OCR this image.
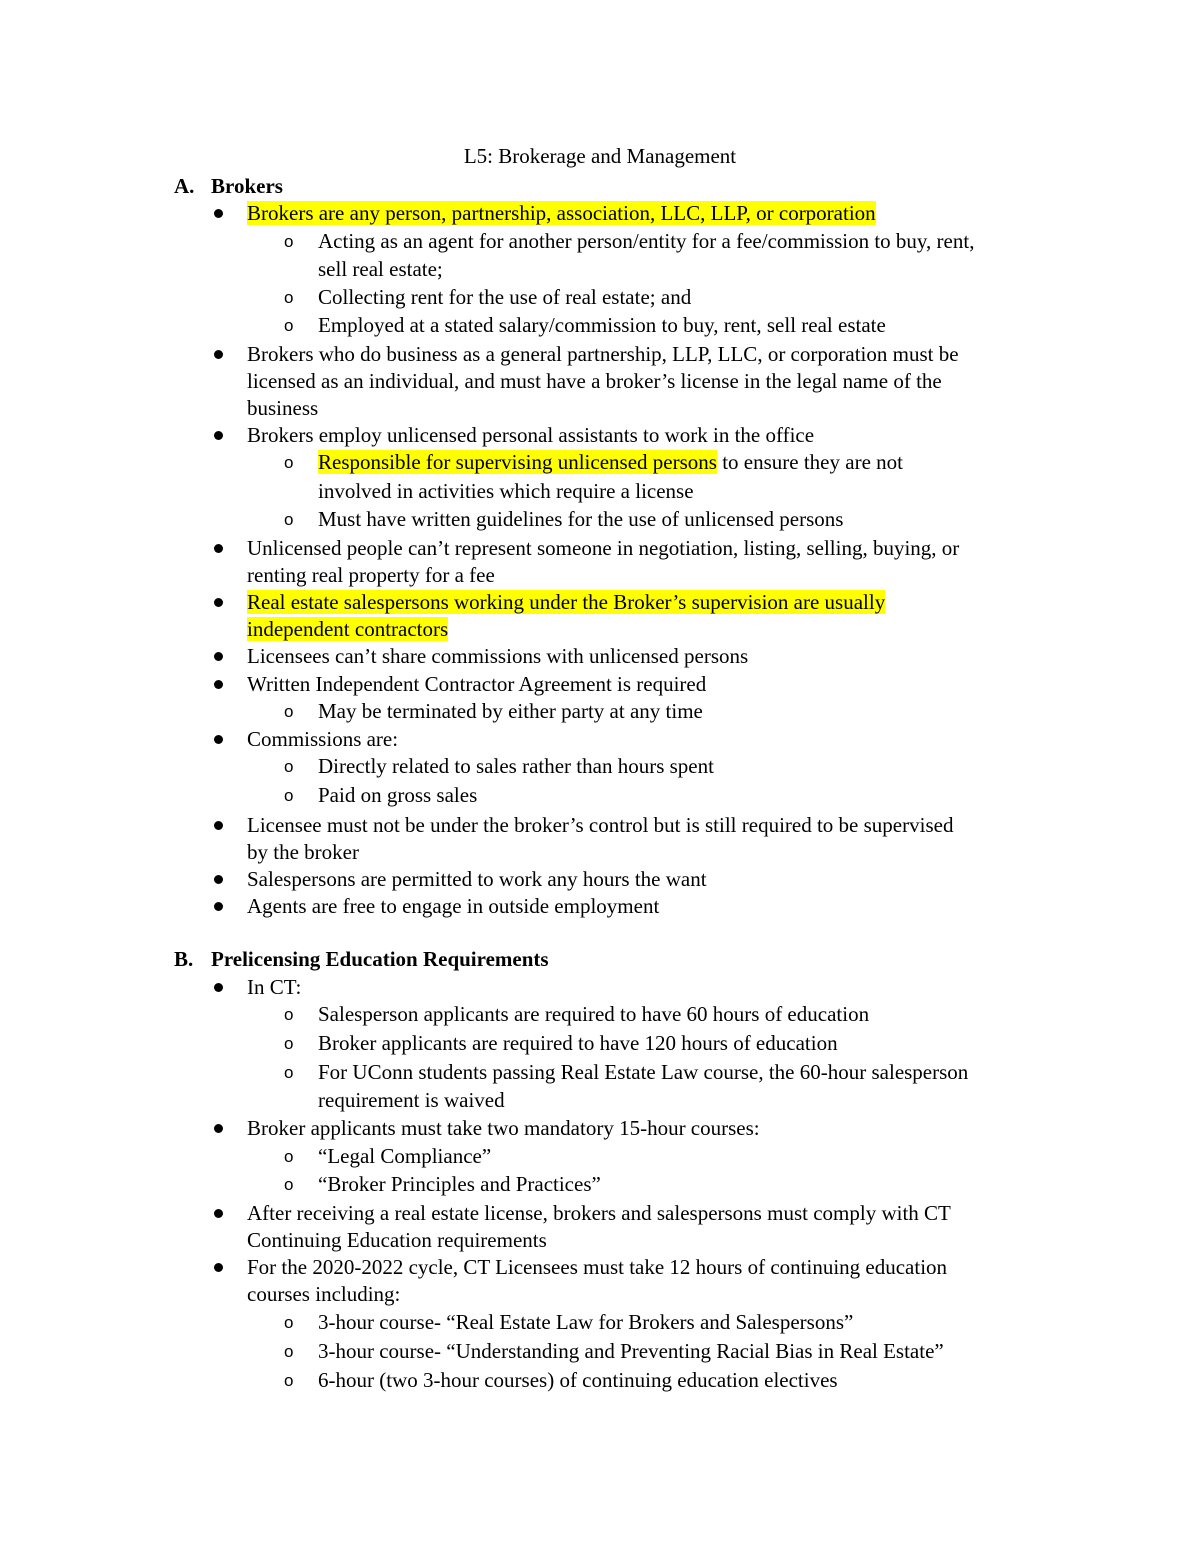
L5: Brokerage and Management
A. Brokers
Brokers are any person, partnership, association, LLC, LLP, or corporation
o Acting as an agent for another person/entity for a fee/commission to buy, rent,
sell real estate;
o Collecting rent for the use of real estate; and
o Employed at a stated salary/commission to buy, rent, sell real estate
Brokers who do business as a general partnership, LLP, LLC, or corporation must be
licensed as an individual, and must have a broker’s license in the legal name of the
business
Brokers employ unlicensed personal assistants to work in the office
o Responsible for supervising unlicensed persons to ensure they are not
involved in activities which require a license
o Must have written guidelines for the use of unlicensed persons
Unlicensed people can’t represent someone in negotiation, listing, selling, buying, or
renting real property for a fee
Real estate salespersons working under the Broker’s supervision are usually
independent contractors
Licensees can’t share commissions with unlicensed persons
Written Independent Contractor Agreement is required
o May be terminated by either party at any time
Commissions are:
o Directly related to sales rather than hours spent
o Paid on gross sales
Licensee must not be under the broker’s control but is still required to be supervised
by the broker
Salespersons are permitted to work any hours the want
Agents are free to engage in outside employment
B. Prelicensing Education Requirements
In CT:
o Salesperson applicants are required to have 60 hours of education
o Broker applicants are required to have 120 hours of education
o For UConn students passing Real Estate Law course, the 60-hour salesperson
requirement is waived
Broker applicants must take two mandatory 15-hour courses:
o “Legal Compliance”
o “Broker Principles and Practices”
After receiving a real estate license, brokers and salespersons must comply with CT
Continuing Education requirements
For the 2020-2022 cycle, CT Licensees must take 12 hours of continuing education
courses including:
o 3-hour course- “Real Estate Law for Brokers and Salespersons”
o 3-hour course- “Understanding and Preventing Racial Bias in Real Estate”
o 6-hour (two 3-hour courses) of continuing education electives
